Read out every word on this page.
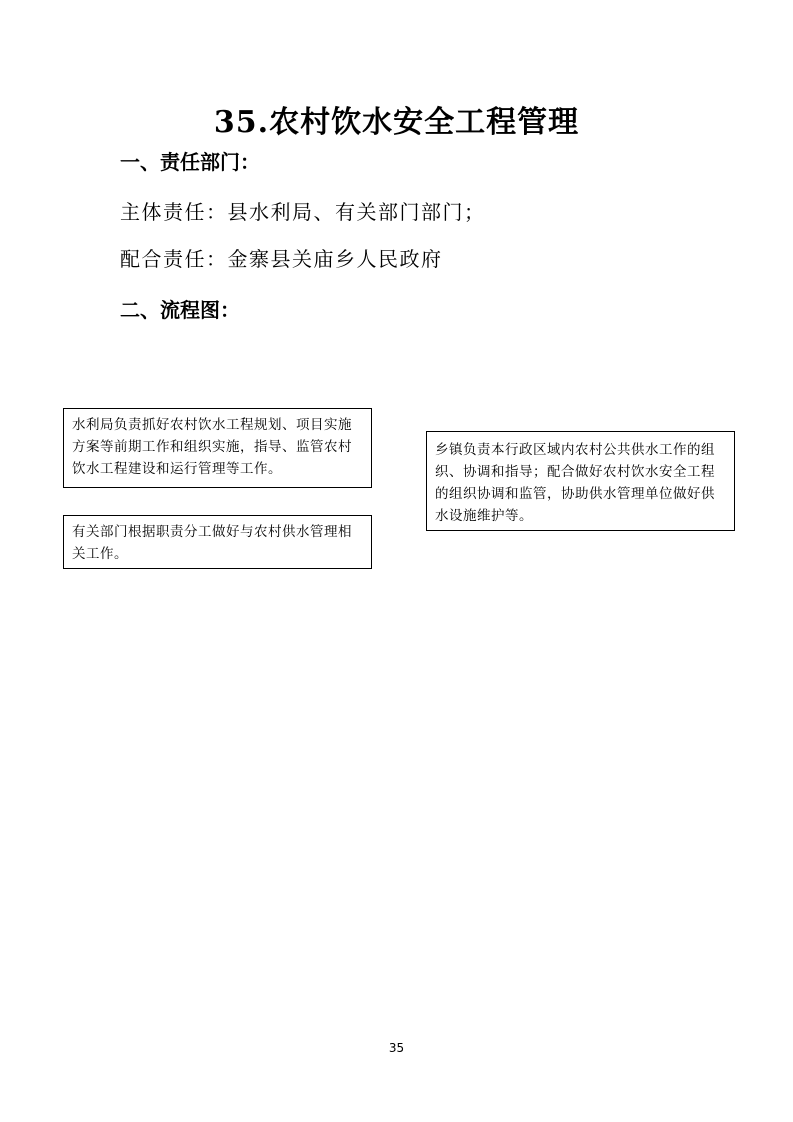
35.农村饮水安全工程管理
一、责任部门：
主体责任：县水利局、有关部门部门；
配合责任：金寨县关庙乡人民政府
二、流程图：
水利局负责抓好农村饮水工程规划、项目实施方案等前期工作和组织实施，指导、监管农村饮水工程建设和运行管理等工作。
有关部门根据职责分工做好与农村供水管理相关工作。
乡镇负责本行政区域内农村公共供水工作的组织、协调和指导；配合做好农村饮水安全工程的组织协调和监管，协助供水管理单位做好供水设施维护等。
35
